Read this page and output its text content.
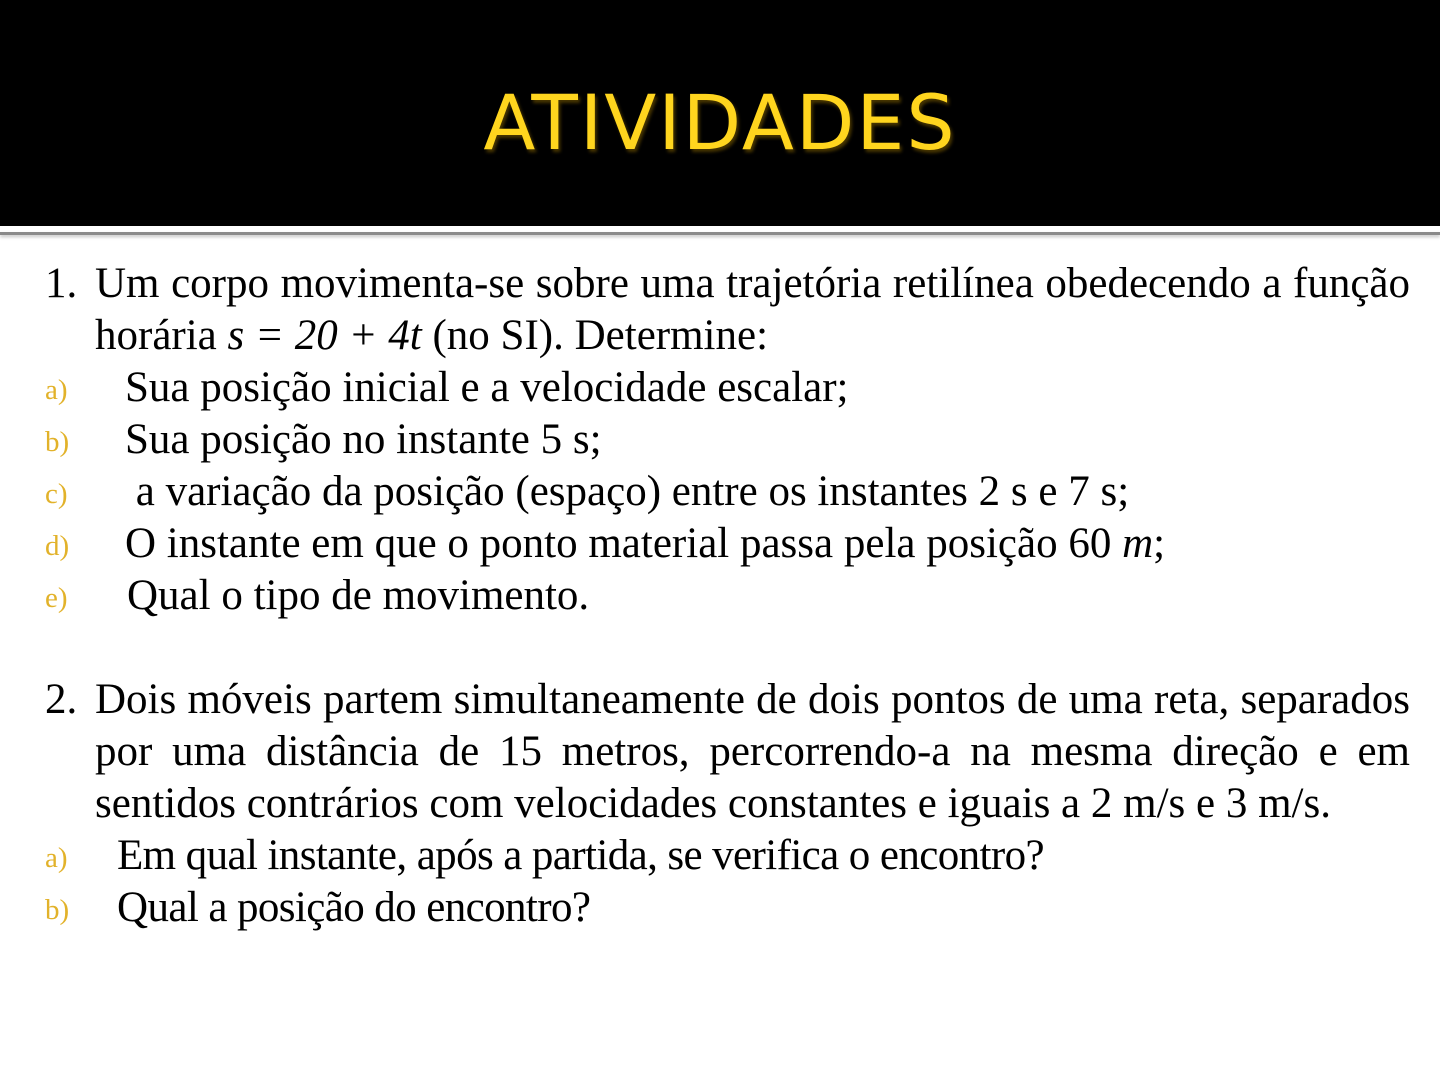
ATIVIDADES
1. Um corpo movimenta-se sobre uma trajetória retilínea obedecendo a função horária s = 20 + 4t (no SI). Determine:
a) Sua posição inicial e a velocidade escalar;
b) Sua posição no instante 5 s;
c) a variação da posição (espaço) entre os instantes 2 s e 7 s;
d) O instante em que o ponto material passa pela posição 60 m;
e) Qual o tipo de movimento.
2. Dois móveis partem simultaneamente de dois pontos de uma reta, separados por uma distância de 15 metros, percorrendo-a na mesma direção e em sentidos contrários com velocidades constantes e iguais a 2 m/s e 3 m/s.
a) Em qual instante, após a partida, se verifica o encontro?
b) Qual a posição do encontro?
